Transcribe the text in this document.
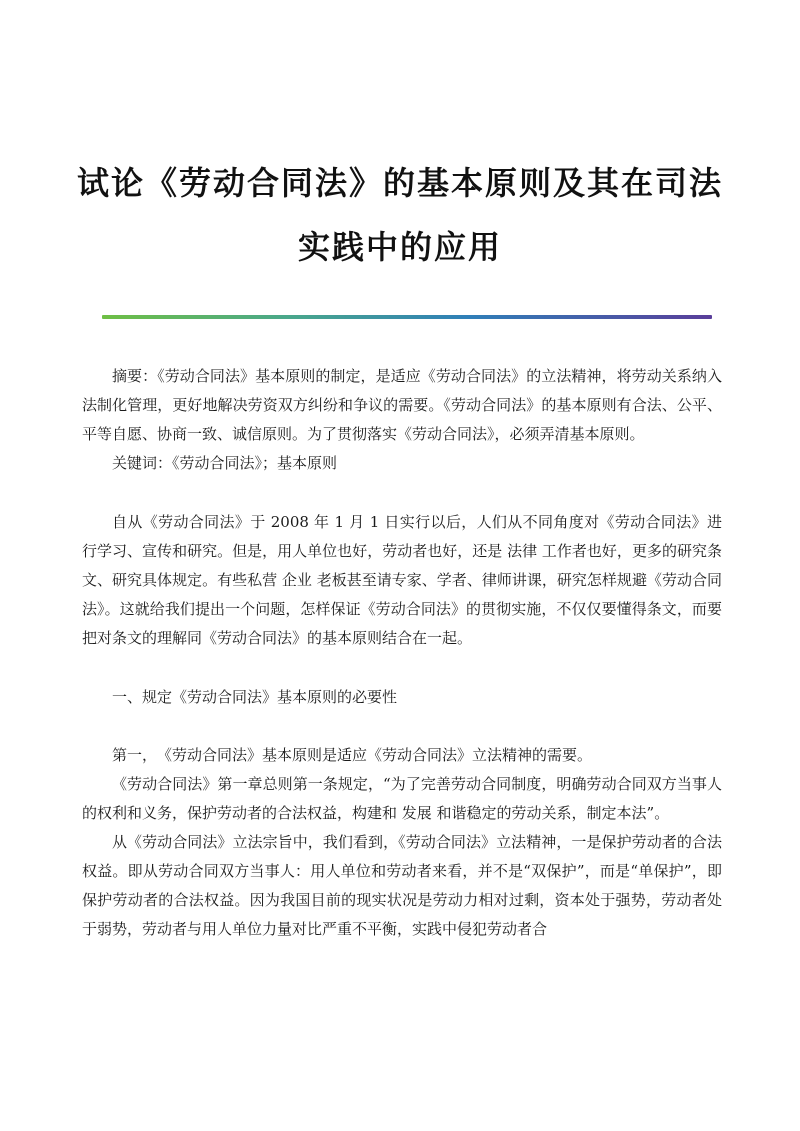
试论《劳动合同法》的基本原则及其在司法
实践中的应用

摘要：《劳动合同法》基本原则的制定，是适应《劳动合同法》的立法精神，将劳动关系纳入法制化管理，更好地解决劳资双方纠纷和争议的需要。《劳动合同法》的基本原则有合法、公平、平等自愿、协商一致、诚信原则。为了贯彻落实《劳动合同法》，必须弄清基本原则。

关键词：《劳动合同法》；基本原则

自从《劳动合同法》于 2008 年 1 月 1 日实行以后，人们从不同角度对《劳动合同法》进行学习、宣传和研究。但是，用人单位也好，劳动者也好，还是 法律 工作者也好，更多的研究条文、研究具体规定。有些私营 企业 老板甚至请专家、学者、律师讲课，研究怎样规避《劳动合同法》。这就给我们提出一个问题，怎样保证《劳动合同法》的贯彻实施，不仅仅要懂得条文，而要把对条文的理解同《劳动合同法》的基本原则结合在一起。

一、规定《劳动合同法》基本原则的必要性

第一，　《劳动合同法》基本原则是适应《劳动合同法》立法精神的需要。

《劳动合同法》第一章总则第一条规定，“为了完善劳动合同制度，明确劳动合同双方当事人的权利和义务，保护劳动者的合法权益，构建和 发展 和谐稳定的劳动关系，制定本法”。

从《劳动合同法》立法宗旨中，我们看到，《劳动合同法》立法精神，一是保护劳动者的合法权益。即从劳动合同双方当事人：用人单位和劳动者来看，并不是“双保护”，而是“单保护”，即保护劳动者的合法权益。因为我国目前的现实状况是劳动力相对过剩，资本处于强势，劳动者处于弱势，劳动者与用人单位力量对比严重不平衡，实践中侵犯劳动者合
